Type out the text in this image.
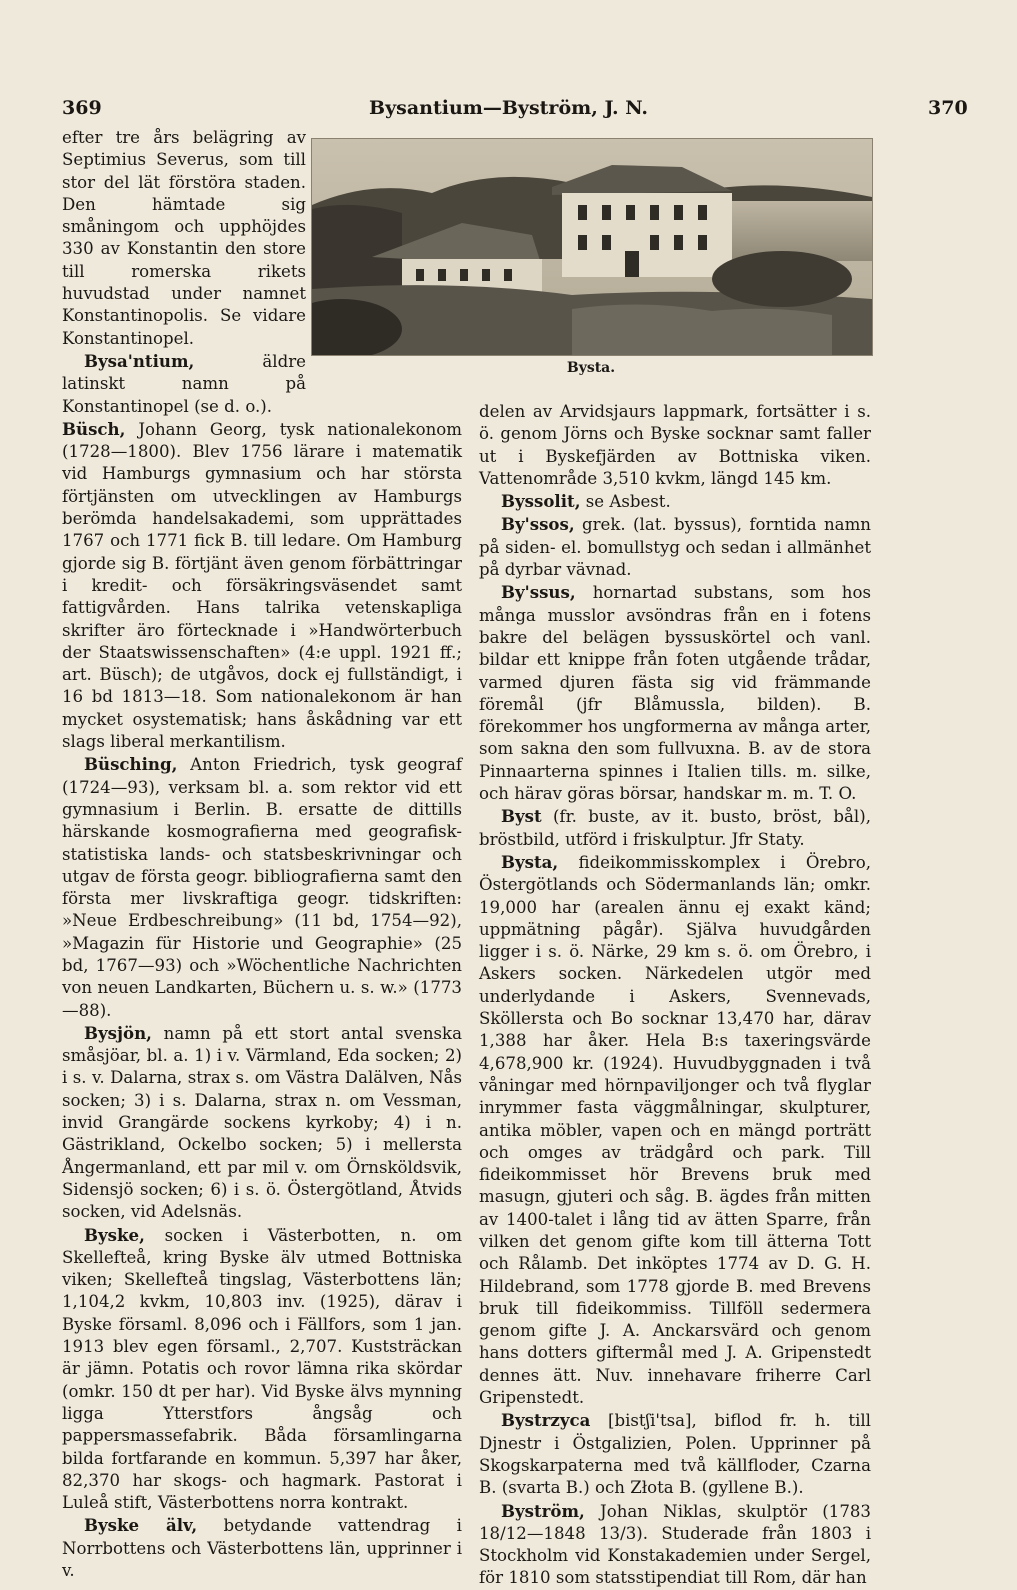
369	Bysantium—Byström, J. N.	370
Bysta.

efter tre års belägring av Septimius Severus, som till stor del lät förstöra staden. Den hämtade sig småningom och upphöjdes 330 av Konstantin den store till romerska rikets huvudstad under namnet Konstantinopolis. Se vidare Konstantinopel.

Bysa'ntium, äldre latinskt namn på Konstantinopel (se d. o.).

Büsch, Johann Georg, tysk nationalekonom (1728—1800). Blev 1756 lärare i matematik vid Hamburgs gymnasium och har största förtjänsten om utvecklingen av Hamburgs berömda handelsakademi, som upprättades 1767 och 1771 fick B. till ledare. Om Hamburg gjorde sig B. förtjänt även genom förbättringar i kredit- och försäkringsväsendet samt fattigvården. Hans talrika vetenskapliga skrifter äro förtecknade i »Handwörterbuch der Staatswissenschaften» (4:e uppl. 1921 ff.; art. Büsch); de utgåvos, dock ej fullständigt, i 16 bd 1813—18. Som nationalekonom är han mycket osystematisk; hans åskådning var ett slags liberal merkantilism.

Büsching, Anton Friedrich, tysk geograf (1724—93), verksam bl. a. som rektor vid ett gymnasium i Berlin. B. ersatte de dittills härskande kosmografierna med geografisk-statistiska lands- och statsbeskrivningar och utgav de första geogr. bibliografierna samt den första mer livskraftiga geogr. tidskriften: »Neue Erdbeschreibung» (11 bd, 1754—92), »Magazin für Historie und Geographie» (25 bd, 1767—93) och »Wöchentliche Nachrichten von neuen Landkarten, Büchern u. s. w.» (1773—88).

Bysjön, namn på ett stort antal svenska småsjöar, bl. a. 1) i v. Värmland, Eda socken; 2) i s. v. Dalarna, strax s. om Västra Dalälven, Nås socken; 3) i s. Dalarna, strax n. om Vessman, invid Grangärde sockens kyrkoby; 4) i n. Gästrikland, Ockelbo socken; 5) i mellersta Ångermanland, ett par mil v. om Örnsköldsvik, Sidensjö socken; 6) i s. ö. Östergötland, Åtvids socken, vid Adelsnäs.

Byske, socken i Västerbotten, n. om Skellefteå, kring Byske älv utmed Bottniska viken; Skellefteå tingslag, Västerbottens län; 1,104,2 kvkm, 10,803 inv. (1925), därav i Byske församl. 8,096 och i Fällfors, som 1 jan. 1913 blev egen församl., 2,707. Kuststräckan är jämn. Potatis och rovor lämna rika skördar (omkr. 150 dt per har). Vid Byske älvs mynning ligga Ytterstfors ångsåg och pappersmassefabrik. Båda församlingarna bilda fortfarande en kommun. 5,397 har åker, 82,370 har skogs- och hagmark. Pastorat i Luleå stift, Västerbottens norra kontrakt.

Byske älv, betydande vattendrag i Norrbottens och Västerbottens län, upprinner i v.

delen av Arvidsjaurs lappmark, fortsätter i s. ö. genom Jörns och Byske socknar samt faller ut i Byskefjärden av Bottniska viken. Vattenområde 3,510 kvkm, längd 145 km.

Byssolit, se Asbest.

By'ssos, grek. (lat. byssus), forntida namn på siden- el. bomullstyg och sedan i allmänhet på dyrbar vävnad.

By'ssus, hornartad substans, som hos många musslor avsöndras från en i fotens bakre del belägen byssuskörtel och vanl. bildar ett knippe från foten utgående trådar, varmed djuren fästa sig vid främmande föremål (jfr Blåmussla, bilden). B. förekommer hos ungformerna av många arter, som sakna den som fullvuxna. B. av de stora Pinnaarterna spinnes i Italien tills. m. silke, och härav göras börsar, handskar m. m. T. O.

Byst (fr. buste, av it. busto, bröst, bål), bröstbild, utförd i friskulptur. Jfr Staty.

Bysta, fideikommisskomplex i Örebro, Östergötlands och Södermanlands län; omkr. 19,000 har (arealen ännu ej exakt känd; uppmätning pågår). Själva huvudgården ligger i s. ö. Närke, 29 km s. ö. om Örebro, i Askers socken. Närkedelen utgör med underlydande i Askers, Svennevads, Sköllersta och Bo socknar 13,470 har, därav 1,388 har åker. Hela B:s taxeringsvärde 4,678,900 kr. (1924). Huvudbyggnaden i två våningar med hörnpaviljonger och två flyglar inrymmer fasta väggmålningar, skulpturer, antika möbler, vapen och en mängd porträtt och omges av trädgård och park. Till fideikommisset hör Brevens bruk med masugn, gjuteri och såg. B. ägdes från mitten av 1400-talet i lång tid av ätten Sparre, från vilken det genom gifte kom till ätterna Tott och Rålamb. Det inköptes 1774 av D. G. H. Hildebrand, som 1778 gjorde B. med Brevens bruk till fideikommiss. Tillföll sedermera genom gifte J. A. Anckarsvärd och genom hans dotters giftermål med J. A. Gripenstedt dennes ätt. Nuv. innehavare friherre Carl Gripenstedt.

Bystrzyca [bistʃi'tsa], biflod fr. h. till Djnestr i Östgalizien, Polen. Upprinner på Skogskarpaterna med två källfloder, Czarna B. (svarta B.) och Złota B. (gyllene B.).

Byström, Johan Niklas, skulptör (1783 18/12—1848 13/3). Studerade från 1803 i Stockholm vid Konstakademien under Sergel, för 1810 som statsstipendiat till Rom, där han
